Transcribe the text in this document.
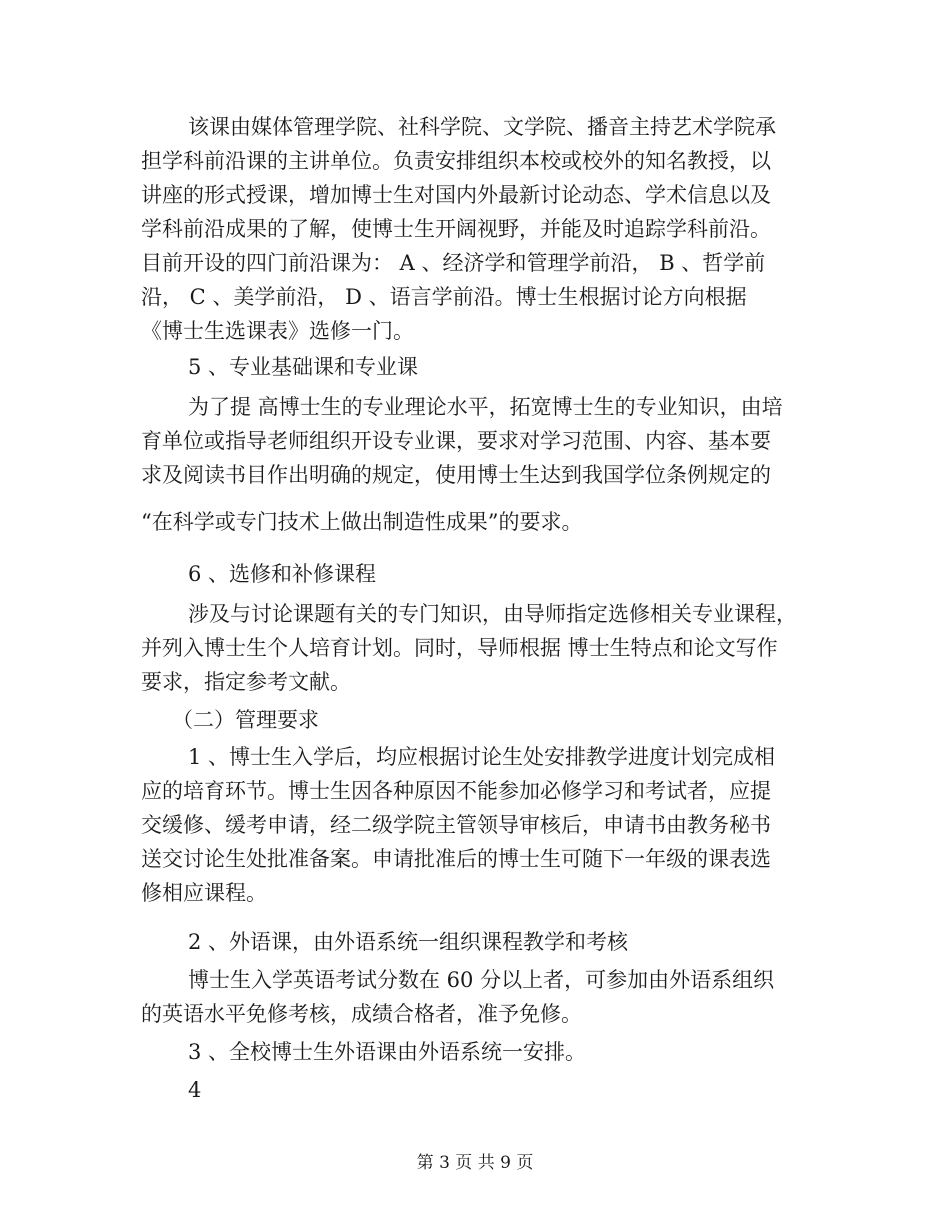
该课由媒体管理学院、社科学院、文学院、播音主持艺术学院承
担学科前沿课的主讲单位。负责安排组织本校或校外的知名教授，以
讲座的形式授课，增加博士生对国内外最新讨论动态、学术信息以及
学科前沿成果的了解，使博士生开阔视野，并能及时追踪学科前沿。
目前开设的四门前沿课为： A 、经济学和管理学前沿， B 、哲学前
沿， C 、美学前沿， D 、语言学前沿。博士生根据讨论方向根据
《博士生选课表》选修一门。
5 、专业基础课和专业课
为了提 高博士生的专业理论水平，拓宽博士生的专业知识，由培
育单位或指导老师组织开设专业课，要求对学习范围、内容、基本要
求及阅读书目作出明确的规定，使用博士生达到我国学位条例规定的
“在科学或专门技术上做出制造性成果”的要求。
6 、选修和补修课程
涉及与讨论课题有关的专门知识，由导师指定选修相关专业课程，
并列入博士生个人培育计划。同时，导师根据 博士生特点和论文写作
要求，指定参考文献。
（二）管理要求
1 、博士生入学后，均应根据讨论生处安排教学进度计划完成相
应的培育环节。博士生因各种原因不能参加必修学习和考试者，应提
交缓修、缓考申请，经二级学院主管领导审核后，申请书由教务秘书
送交讨论生处批准备案。申请批准后的博士生可随下一年级的课表选
修相应课程。
2 、外语课，由外语系统一组织课程教学和考核
博士生入学英语考试分数在 60 分以上者，可参加由外语系组织
的英语水平免修考核，成绩合格者，准予免修。
3 、全校博士生外语课由外语系统一安排。
4
第 3 页 共 9 页
